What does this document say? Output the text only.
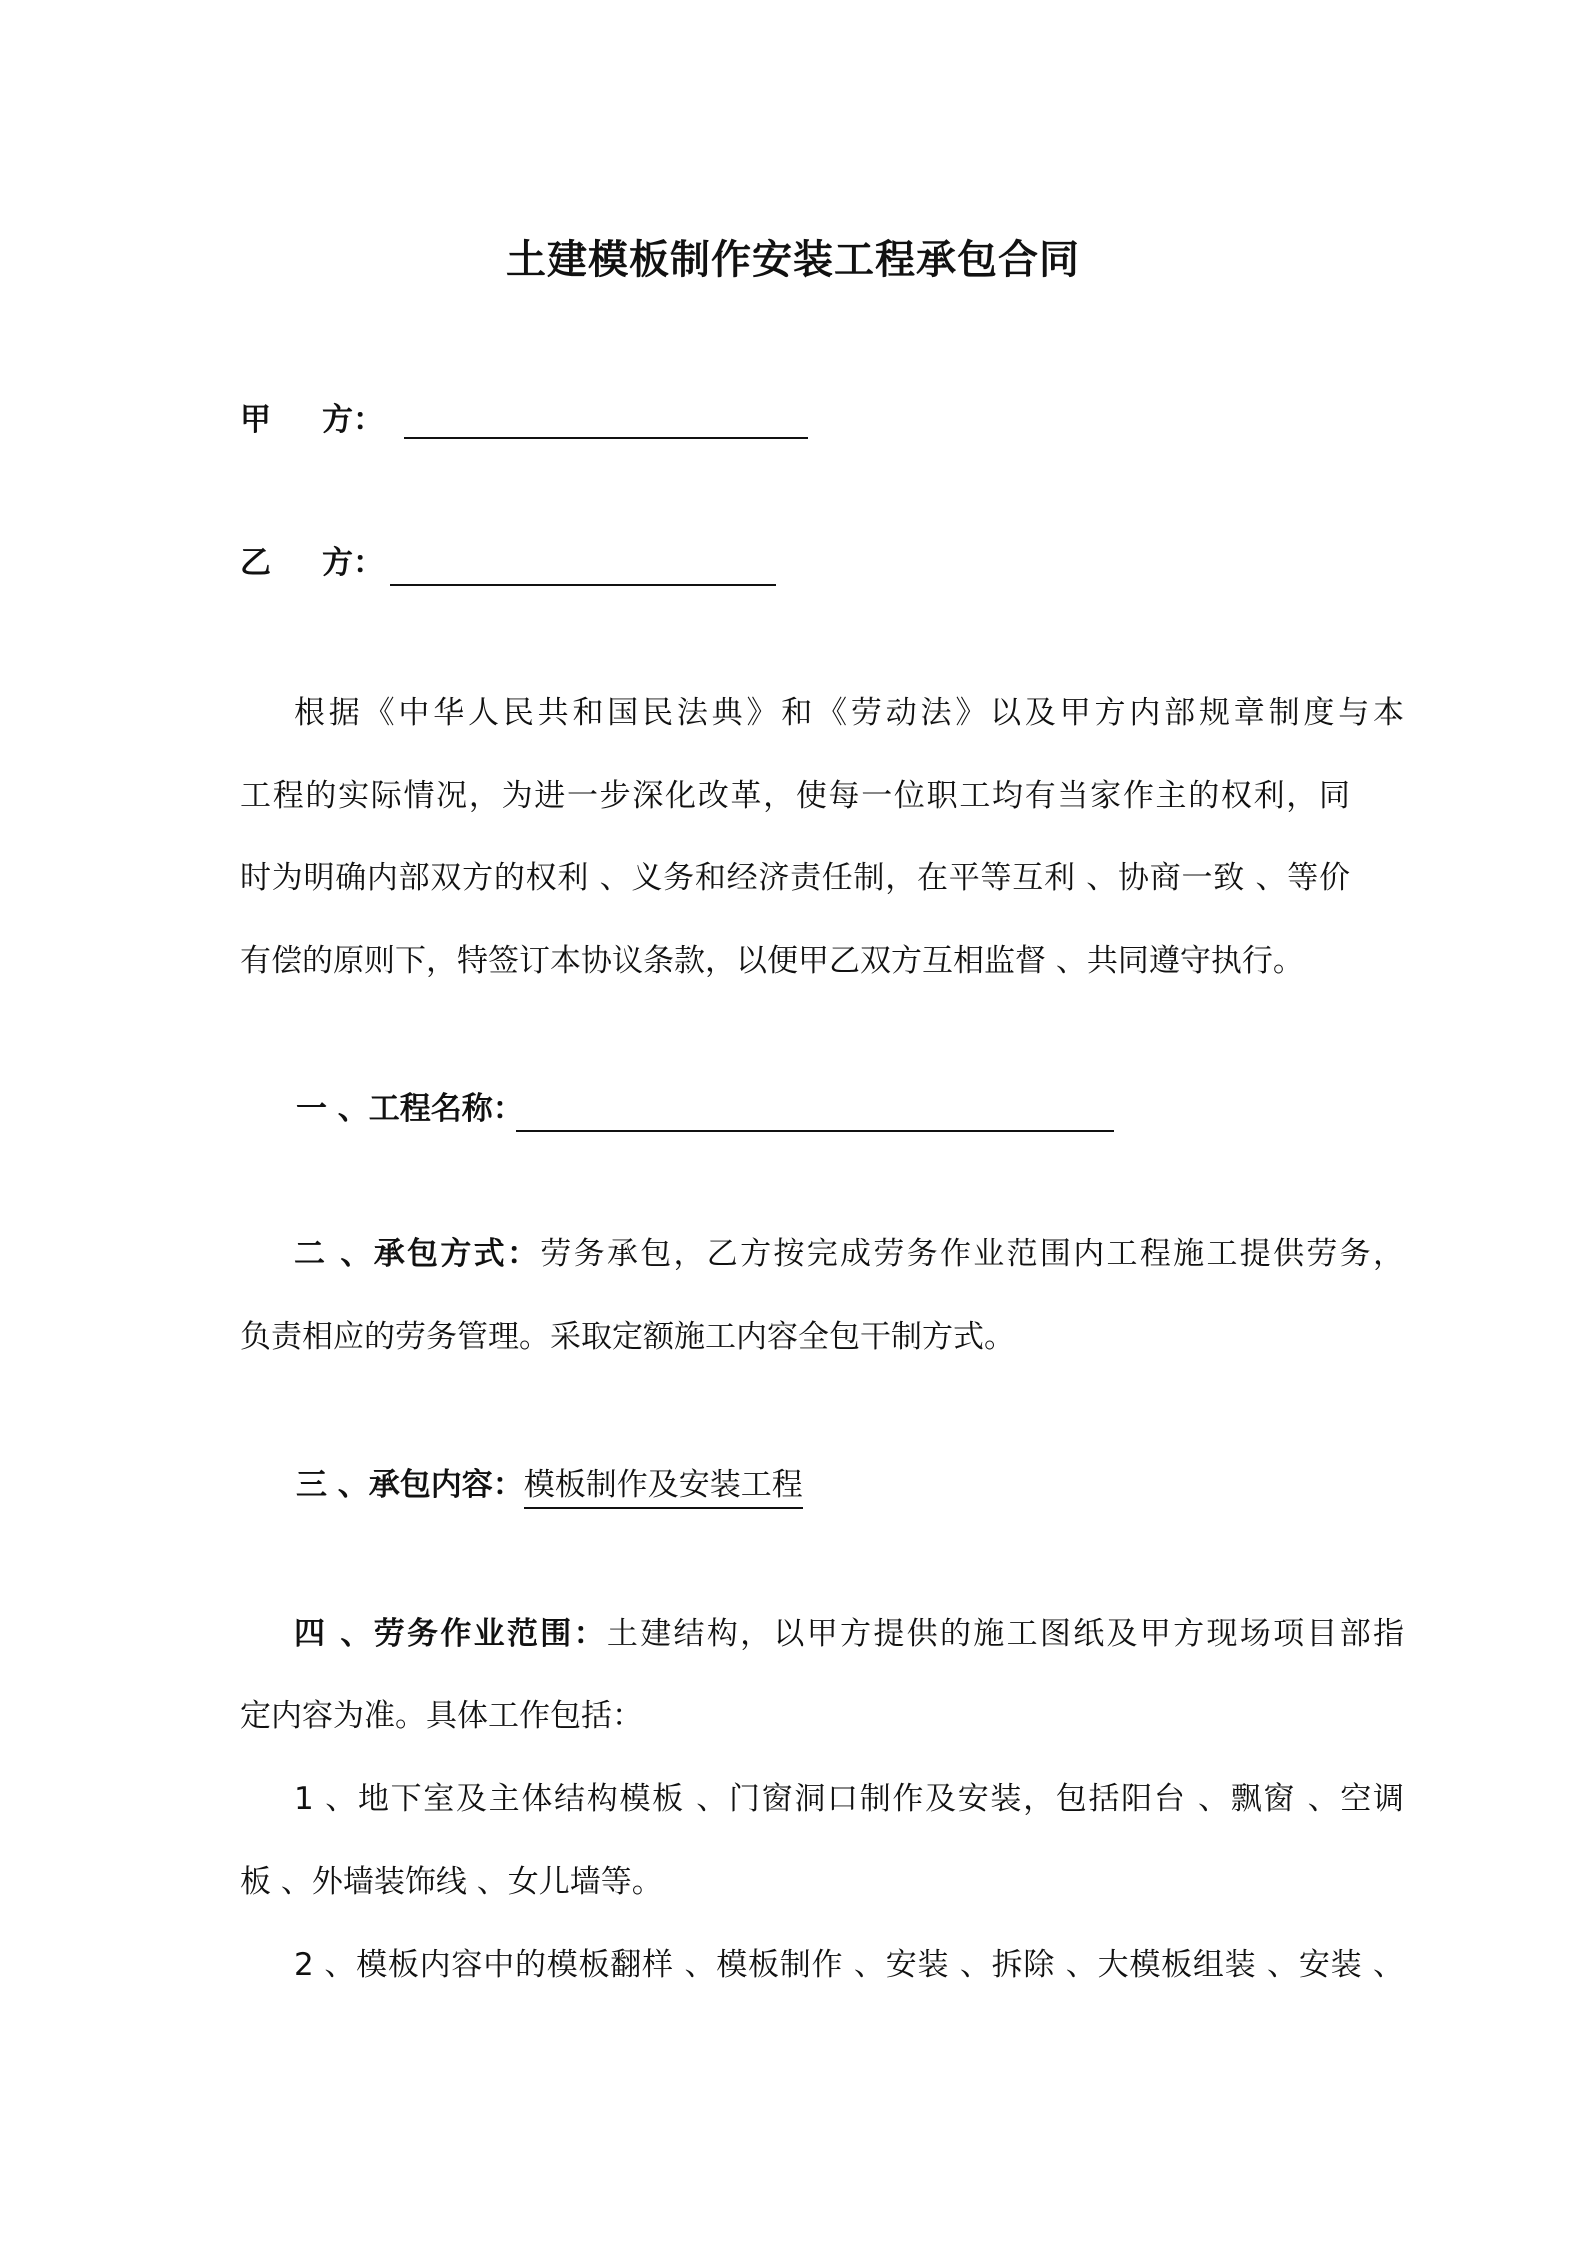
土建模板制作安装工程承包合同
甲 方：
乙 方：
根据《中华人民共和国民法典》和《劳动法》以及甲方内部规章制度与本
工程的实际情况，为进一步深化改革，使每一位职工均有当家作主的权利，同
时为明确内部双方的权利 、义务和经济责任制，在平等互利 、协商一致 、等价
有偿的原则下，特签订本协议条款，以便甲乙双方互相监督 、共同遵守执行。
一 、工程名称：
二 、承包方式：劳务承包，乙方按完成劳务作业范围内工程施工提供劳务，
负责相应的劳务管理。采取定额施工内容全包干制方式。
三 、承包内容：模板制作及安装工程
四 、劳务作业范围：土建结构，以甲方提供的施工图纸及甲方现场项目部指
定内容为准。具体工作包括：
1 、地下室及主体结构模板 、门窗洞口制作及安装，包括阳台 、飘窗 、空调
板 、外墙装饰线 、女儿墙等。
2 、模板内容中的模板翻样 、模板制作 、安装 、拆除 、大模板组装 、安装 、
